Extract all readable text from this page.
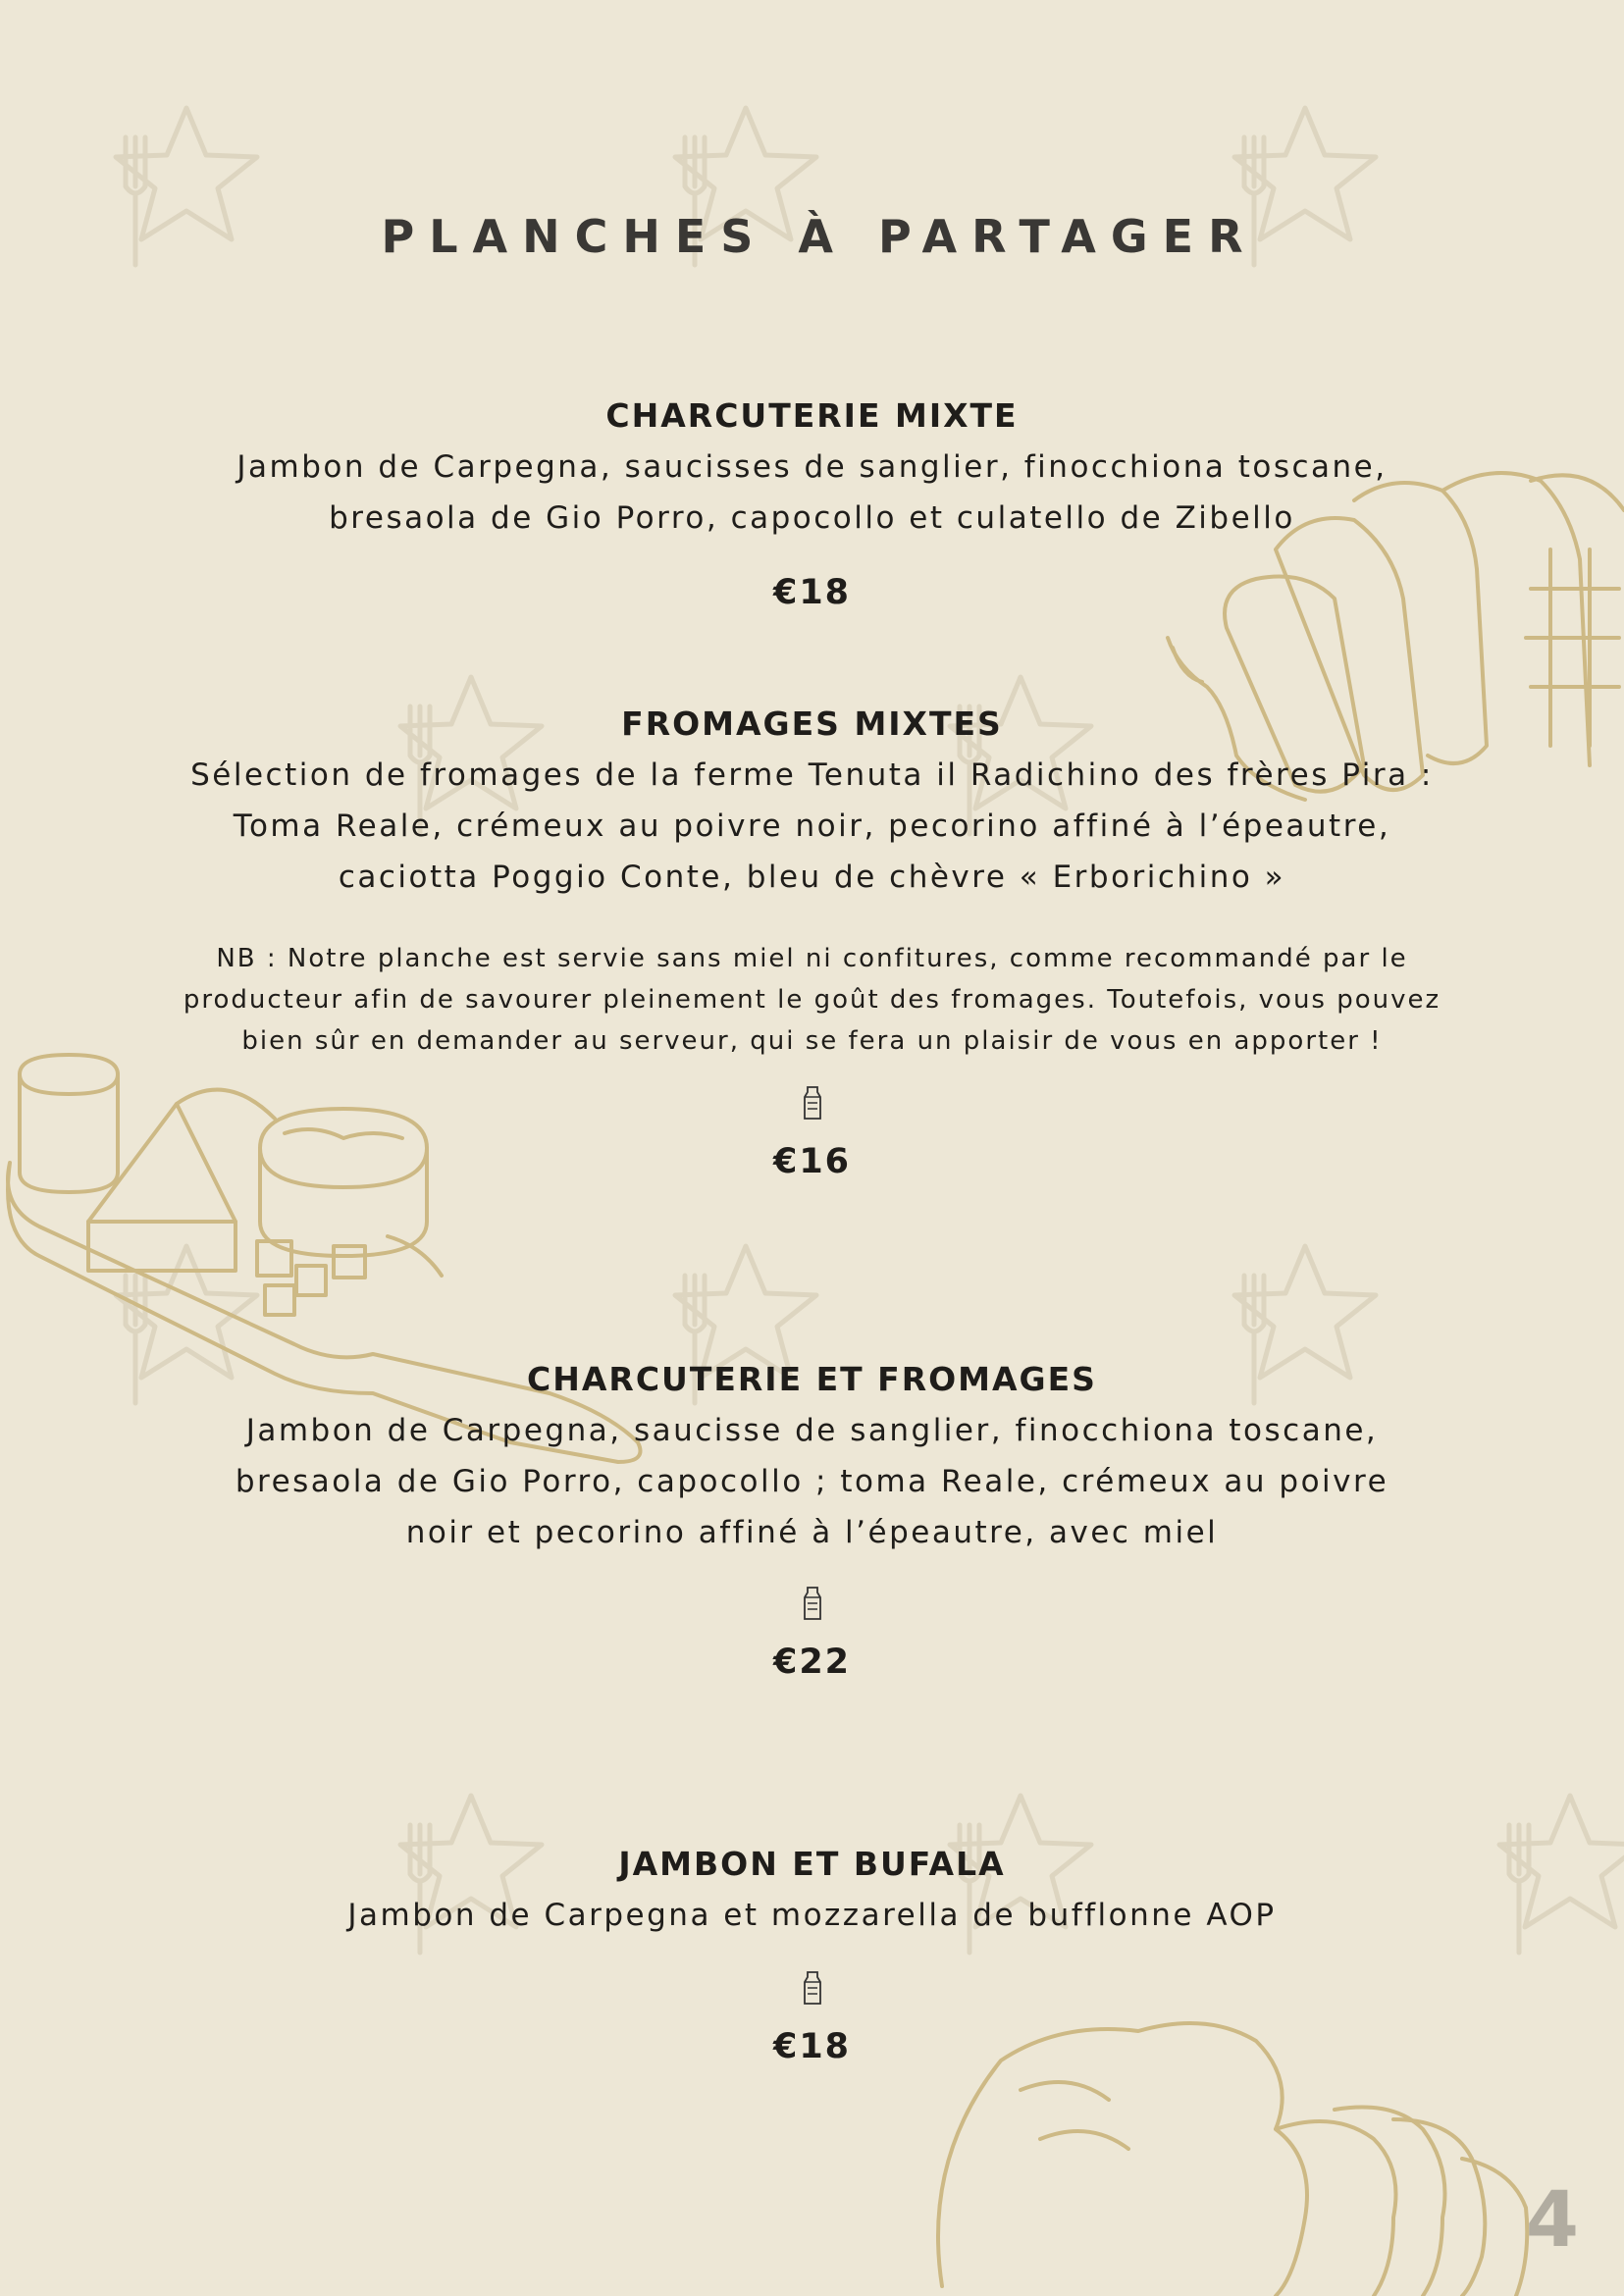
PLANCHES À PARTAGER
CHARCUTERIE MIXTE
Jambon de Carpegna, saucisses de sanglier, finocchiona toscane,
bresaola de Gio Porro, capocollo et culatello de Zibello
€18
FROMAGES MIXTES
Sélection de fromages de la ferme Tenuta il Radichino des frères Pira :
Toma Reale, crémeux au poivre noir, pecorino affiné à l’épeautre,
caciotta Poggio Conte, bleu de chèvre « Erborichino »
NB : Notre planche est servie sans miel ni confitures, comme recommandé par le
producteur afin de savourer pleinement le goût des fromages. Toutefois, vous pouvez
bien sûr en demander au serveur, qui se fera un plaisir de vous en apporter !
€16
CHARCUTERIE ET FROMAGES
Jambon de Carpegna, saucisse de sanglier, finocchiona toscane,
bresaola de Gio Porro, capocollo ; toma Reale, crémeux au poivre
noir et pecorino affiné à l’épeautre, avec miel
€22
JAMBON ET BUFALA
Jambon de Carpegna et mozzarella de bufflonne AOP
€18
4
